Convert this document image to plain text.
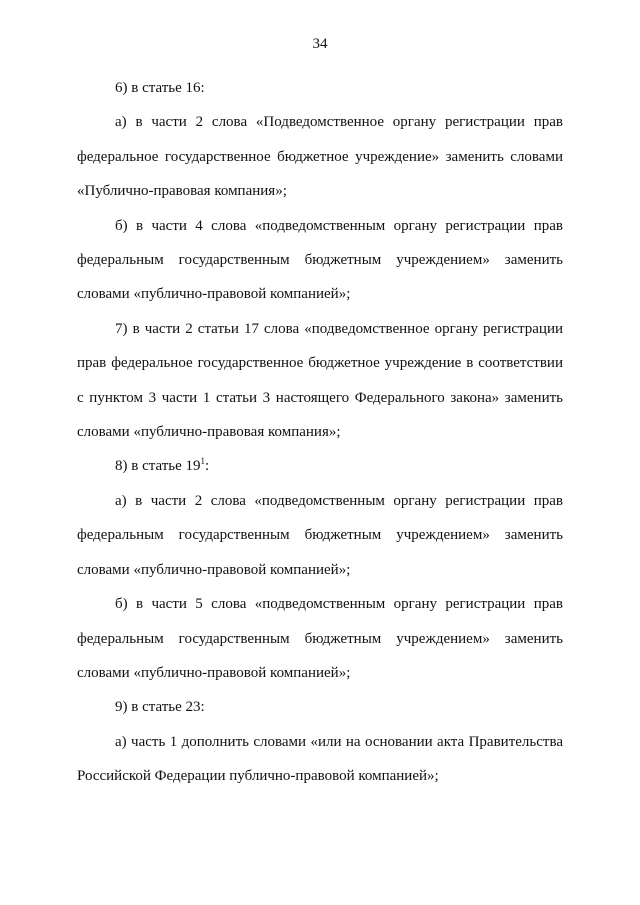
34

6) в статье 16:

а) в части 2 слова «Подведомственное органу регистрации прав федеральное государственное бюджетное учреждение» заменить словами «Публично-правовая компания»;

б) в части 4 слова «подведомственным органу регистрации прав федеральным государственным бюджетным учреждением» заменить словами «публично-правовой компанией»;

7) в части 2 статьи 17 слова «подведомственное органу регистрации прав федеральное государственное бюджетное учреждение в соответствии с пунктом 3 части 1 статьи 3 настоящего Федерального закона» заменить словами «публично-правовая компания»;

8) в статье $19^1$:

а) в части 2 слова «подведомственным органу регистрации прав федеральным государственным бюджетным учреждением» заменить словами «публично-правовой компанией»;

б) в части 5 слова «подведомственным органу регистрации прав федеральным государственным бюджетным учреждением» заменить словами «публично-правовой компанией»;

9) в статье 23:

а) часть 1 дополнить словами «или на основании акта Правительства Российской Федерации публично-правовой компанией»;
